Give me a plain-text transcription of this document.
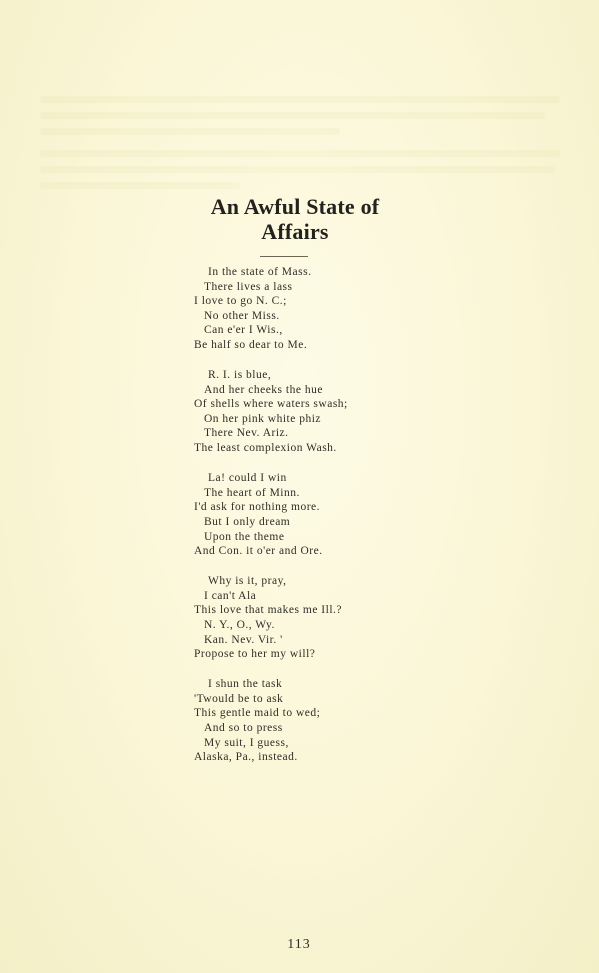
An Awful State of
Affairs
In the state of Mass.
There lives a lass
I love to go N. C.;
No other Miss.
Can e'er I Wis.,
Be half so dear to Me.
R. I. is blue,
And her cheeks the hue
Of shells where waters swash;
On her pink white phiz
There Nev. Ariz.
The least complexion Wash.
La! could I win
The heart of Minn.
I'd ask for nothing more.
But I only dream
Upon the theme
And Con. it o'er and Ore.
Why is it, pray,
I can't Ala
This love that makes me Ill.?
N. Y., O., Wy.
Kan. Nev. Vir. '
Propose to her my will?
I shun the task
'Twould be to ask
This gentle maid to wed;
And so to press
My suit, I guess,
Alaska, Pa., instead.
113
